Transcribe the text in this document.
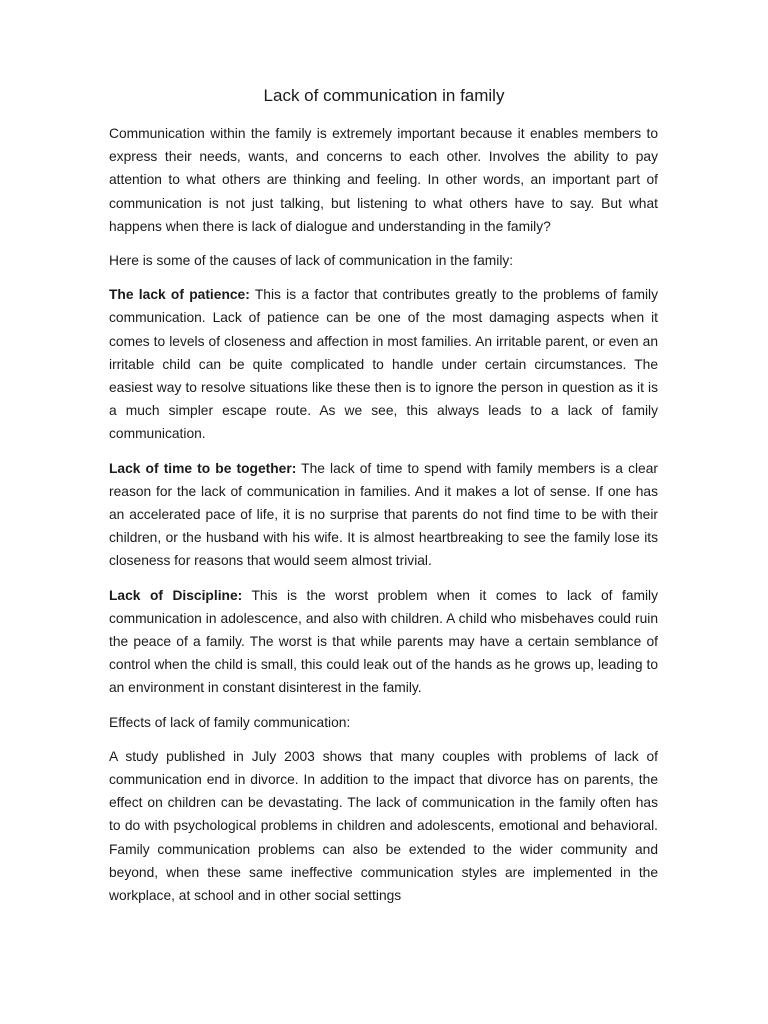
Lack of communication in family

Communication within the family is extremely important because it enables members to express their needs, wants, and concerns to each other. Involves the ability to pay attention to what others are thinking and feeling. In other words, an important part of communication is not just talking, but listening to what others have to say. But what happens when there is lack of dialogue and understanding in the family?

Here is some of the causes of lack of communication in the family:

The lack of patience: This is a factor that contributes greatly to the problems of family communication. Lack of patience can be one of the most damaging aspects when it comes to levels of closeness and affection in most families. An irritable parent, or even an irritable child can be quite complicated to handle under certain circumstances. The easiest way to resolve situations like these then is to ignore the person in question as it is a much simpler escape route. As we see, this always leads to a lack of family communication.

Lack of time to be together: The lack of time to spend with family members is a clear reason for the lack of communication in families. And it makes a lot of sense. If one has an accelerated pace of life, it is no surprise that parents do not find time to be with their children, or the husband with his wife. It is almost heartbreaking to see the family lose its closeness for reasons that would seem almost trivial.

Lack of Discipline: This is the worst problem when it comes to lack of family communication in adolescence, and also with children. A child who misbehaves could ruin the peace of a family. The worst is that while parents may have a certain semblance of control when the child is small, this could leak out of the hands as he grows up, leading to an environment in constant disinterest in the family.

Effects of lack of family communication:

A study published in July 2003 shows that many couples with problems of lack of communication end in divorce. In addition to the impact that divorce has on parents, the effect on children can be devastating. The lack of communication in the family often has to do with psychological problems in children and adolescents, emotional and behavioral. Family communication problems can also be extended to the wider community and beyond, when these same ineffective communication styles are implemented in the workplace, at school and in other social settings
